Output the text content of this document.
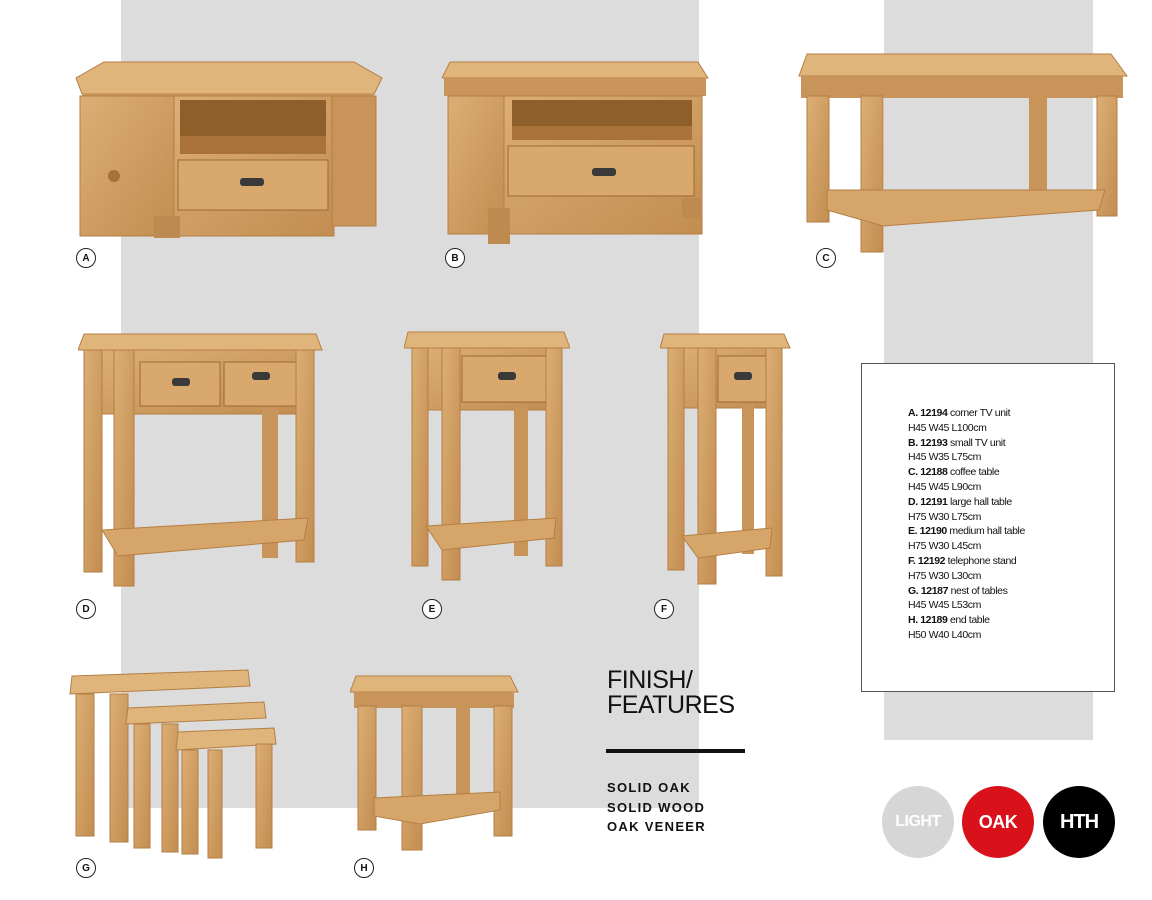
A	B	C
D	E	F
G	H
A. 12194 corner TV unit
H45 W45 L100cm
B. 12193 small TV unit
H45 W35 L75cm
C. 12188 coffee table
H45 W45 L90cm
D. 12191 large hall table
H75 W30 L75cm
E. 12190 medium hall table
H75 W30 L45cm
F. 12192 telephone stand
H75 W30 L30cm
G. 12187 nest of tables
H45 W45 L53cm
H. 12189 end table
H50 W40 L40cm
FINISH/
FEATURES
SOLID OAK
SOLID WOOD
OAK VENEER	LIGHT OAK HTH
